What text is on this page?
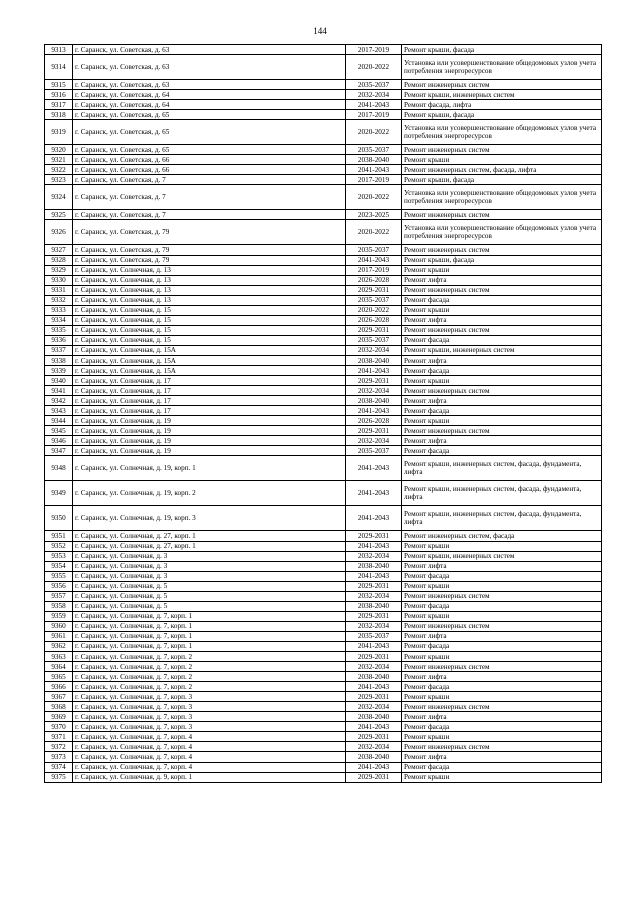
144
9313	г. Саранск, ул. Советская, д. 63	2017-2019	Ремонт крыши, фасада
9314	г. Саранск, ул. Советская, д. 63	2020-2022	Установка или усовершенствование общедомовых узлов учета потребления энергоресурсов
9315	г. Саранск, ул. Советская, д. 63	2035-2037	Ремонт инженерных систем
9316	г. Саранск, ул. Советская, д. 64	2032-2034	Ремонт крыши, инженерных систем
9317	г. Саранск, ул. Советская, д. 64	2041-2043	Ремонт фасада, лифта
9318	г. Саранск, ул. Советская, д. 65	2017-2019	Ремонт крыши, фасада
9319	г. Саранск, ул. Советская, д. 65	2020-2022	Установка или усовершенствование общедомовых узлов учета потребления энергоресурсов
9320	г. Саранск, ул. Советская, д. 65	2035-2037	Ремонт инженерных систем
9321	г. Саранск, ул. Советская, д. 66	2038-2040	Ремонт крыши
9322	г. Саранск, ул. Советская, д. 66	2041-2043	Ремонт инженерных систем, фасада, лифта
9323	г. Саранск, ул. Советская, д. 7	2017-2019	Ремонт крыши, фасада
9324	г. Саранск, ул. Советская, д. 7	2020-2022	Установка или усовершенствование общедомовых узлов учета потребления энергоресурсов
9325	г. Саранск, ул. Советская, д. 7	2023-2025	Ремонт инженерных систем
9326	г. Саранск, ул. Советская, д. 79	2020-2022	Установка или усовершенствование общедомовых узлов учета потребления энергоресурсов
9327	г. Саранск, ул. Советская, д. 79	2035-2037	Ремонт инженерных систем
9328	г. Саранск, ул. Советская, д. 79	2041-2043	Ремонт крыши, фасада
9329	г. Саранск, ул. Солнечная, д. 13	2017-2019	Ремонт крыши
9330	г. Саранск, ул. Солнечная, д. 13	2026-2028	Ремонт лифта
9331	г. Саранск, ул. Солнечная, д. 13	2029-2031	Ремонт инженерных систем
9332	г. Саранск, ул. Солнечная, д. 13	2035-2037	Ремонт фасада
9333	г. Саранск, ул. Солнечная, д. 15	2020-2022	Ремонт крыши
9334	г. Саранск, ул. Солнечная, д. 15	2026-2028	Ремонт лифта
9335	г. Саранск, ул. Солнечная, д. 15	2029-2031	Ремонт инженерных систем
9336	г. Саранск, ул. Солнечная, д. 15	2035-2037	Ремонт фасада
9337	г. Саранск, ул. Солнечная, д. 15А	2032-2034	Ремонт крыши, инженерных систем
9338	г. Саранск, ул. Солнечная, д. 15А	2038-2040	Ремонт лифта
9339	г. Саранск, ул. Солнечная, д. 15А	2041-2043	Ремонт фасада
9340	г. Саранск, ул. Солнечная, д. 17	2029-2031	Ремонт крыши
9341	г. Саранск, ул. Солнечная, д. 17	2032-2034	Ремонт инженерных систем
9342	г. Саранск, ул. Солнечная, д. 17	2038-2040	Ремонт лифта
9343	г. Саранск, ул. Солнечная, д. 17	2041-2043	Ремонт фасада
9344	г. Саранск, ул. Солнечная, д. 19	2026-2028	Ремонт крыши
9345	г. Саранск, ул. Солнечная, д. 19	2029-2031	Ремонт инженерных систем
9346	г. Саранск, ул. Солнечная, д. 19	2032-2034	Ремонт лифта
9347	г. Саранск, ул. Солнечная, д. 19	2035-2037	Ремонт фасада
9348	г. Саранск, ул. Солнечная, д. 19, корп. 1	2041-2043	Ремонт крыши, инженерных систем, фасада, фундамента, лифта
9349	г. Саранск, ул. Солнечная, д. 19, корп. 2	2041-2043	Ремонт крыши, инженерных систем, фасада, фундамента, лифта
9350	г. Саранск, ул. Солнечная, д. 19, корп. 3	2041-2043	Ремонт крыши, инженерных систем, фасада, фундамента, лифта
9351	г. Саранск, ул. Солнечная, д. 27, корп. 1	2029-2031	Ремонт инженерных систем, фасада
9352	г. Саранск, ул. Солнечная, д. 27, корп. 1	2041-2043	Ремонт крыши
9353	г. Саранск, ул. Солнечная, д. 3	2032-2034	Ремонт крыши, инженерных систем
9354	г. Саранск, ул. Солнечная, д. 3	2038-2040	Ремонт лифта
9355	г. Саранск, ул. Солнечная, д. 3	2041-2043	Ремонт фасада
9356	г. Саранск, ул. Солнечная, д. 5	2029-2031	Ремонт крыши
9357	г. Саранск, ул. Солнечная, д. 5	2032-2034	Ремонт инженерных систем
9358	г. Саранск, ул. Солнечная, д. 5	2038-2040	Ремонт фасада
9359	г. Саранск, ул. Солнечная, д. 7, корп. 1	2029-2031	Ремонт крыши
9360	г. Саранск, ул. Солнечная, д. 7, корп. 1	2032-2034	Ремонт инженерных систем
9361	г. Саранск, ул. Солнечная, д. 7, корп. 1	2035-2037	Ремонт лифта
9362	г. Саранск, ул. Солнечная, д. 7, корп. 1	2041-2043	Ремонт фасада
9363	г. Саранск, ул. Солнечная, д. 7, корп. 2	2029-2031	Ремонт крыши
9364	г. Саранск, ул. Солнечная, д. 7, корп. 2	2032-2034	Ремонт инженерных систем
9365	г. Саранск, ул. Солнечная, д. 7, корп. 2	2038-2040	Ремонт лифта
9366	г. Саранск, ул. Солнечная, д. 7, корп. 2	2041-2043	Ремонт фасада
9367	г. Саранск, ул. Солнечная, д. 7, корп. 3	2029-2031	Ремонт крыши
9368	г. Саранск, ул. Солнечная, д. 7, корп. 3	2032-2034	Ремонт инженерных систем
9369	г. Саранск, ул. Солнечная, д. 7, корп. 3	2038-2040	Ремонт лифта
9370	г. Саранск, ул. Солнечная, д. 7, корп. 3	2041-2043	Ремонт фасада
9371	г. Саранск, ул. Солнечная, д. 7, корп. 4	2029-2031	Ремонт крыши
9372	г. Саранск, ул. Солнечная, д. 7, корп. 4	2032-2034	Ремонт инженерных систем
9373	г. Саранск, ул. Солнечная, д. 7, корп. 4	2038-2040	Ремонт лифта
9374	г. Саранск, ул. Солнечная, д. 7, корп. 4	2041-2043	Ремонт фасада
9375	г. Саранск, ул. Солнечная, д. 9, корп. 1	2029-2031	Ремонт крыши
